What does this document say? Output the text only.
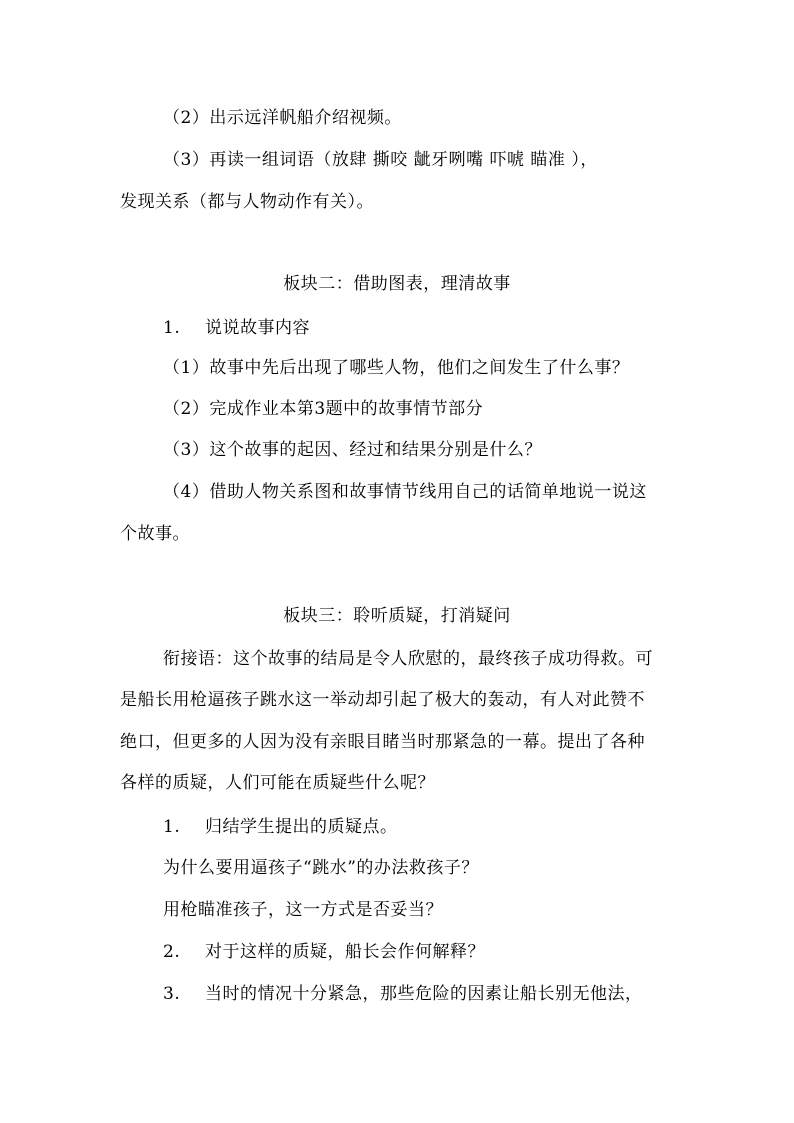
（2）出示远洋帆船介绍视频。
（3）再读一组词语（放肆 撕咬 龇牙咧嘴 吓唬 瞄准 ），
发现关系（都与人物动作有关）。
板块二：借助图表，理清故事
1. 说说故事内容
（1）故事中先后出现了哪些人物，他们之间发生了什么事？
（2）完成作业本第3题中的故事情节部分
（3）这个故事的起因、经过和结果分别是什么？
（4）借助人物关系图和故事情节线用自己的话简单地说一说这
个故事。
板块三：聆听质疑，打消疑问
衔接语：这个故事的结局是令人欣慰的，最终孩子成功得救。可
是船长用枪逼孩子跳水这一举动却引起了极大的轰动，有人对此赞不
绝口，但更多的人因为没有亲眼目睹当时那紧急的一幕。提出了各种
各样的质疑，人们可能在质疑些什么呢？
1. 归结学生提出的质疑点。
为什么要用逼孩子“跳水”的办法救孩子？
用枪瞄准孩子，这一方式是否妥当？
2. 对于这样的质疑，船长会作何解释？
3. 当时的情况十分紧急，那些危险的因素让船长别无他法，
